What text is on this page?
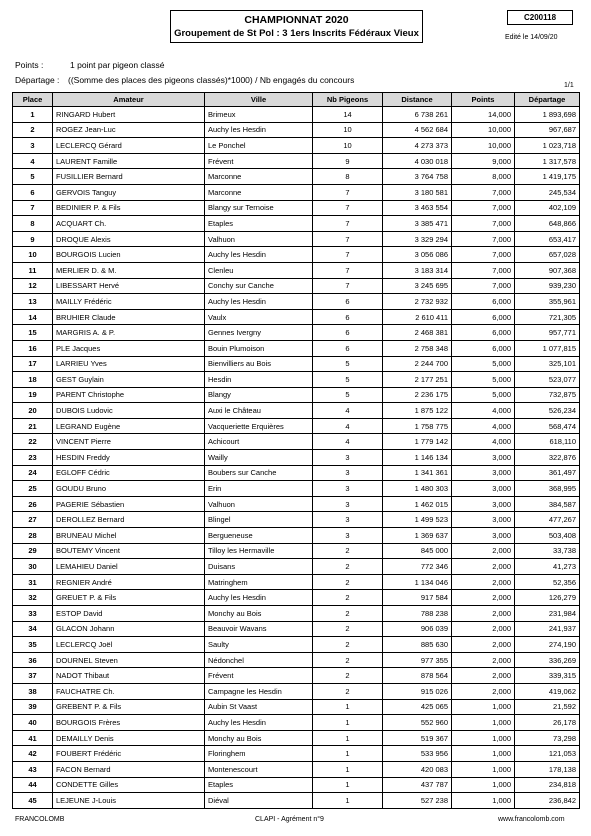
CHAMPIONNAT 2020
Groupement de St Pol : 3 1ers Inscrits Fédéraux Vieux
C200118
Edité le 14/09/20
Points :	1 point par pigeon classé
Départage : ((Somme des places des pigeons classés)*1000) / Nb engagés du concours
1/1
Place	Amateur	Ville	Nb Pigeons	Distance	Points	Départage
1	RINGARD Hubert	Brimeux	14	6 738 261	14,000	1 893,698
2	ROGEZ Jean-Luc	Auchy les Hesdin	10	4 562 684	10,000	967,687
3	LECLERCQ Gérard	Le Ponchel	10	4 273 373	10,000	1 023,718
4	LAURENT Famille	Frévent	9	4 030 018	9,000	1 317,578
5	FUSILLIER Bernard	Marconne	8	3 764 758	8,000	1 419,175
6	GERVOIS Tanguy	Marconne	7	3 180 581	7,000	245,534
7	BEDINIER P. & Fils	Blangy sur Ternoise	7	3 463 554	7,000	402,109
8	ACQUART Ch.	Etaples	7	3 385 471	7,000	648,866
9	DROQUE Alexis	Valhuon	7	3 329 294	7,000	653,417
10	BOURGOIS Lucien	Auchy les Hesdin	7	3 056 086	7,000	657,028
11	MERLIER D. & M.	Clenleu	7	3 183 314	7,000	907,368
12	LIBESSART Hervé	Conchy sur Canche	7	3 245 695	7,000	939,230
13	MAILLY Frédéric	Auchy les Hesdin	6	2 732 932	6,000	355,961
14	BRUHIER Claude	Vaulx	6	2 610 411	6,000	721,305
15	MARGRIS A. & P.	Gennes Ivergny	6	2 468 381	6,000	957,771
16	PLE Jacques	Bouin Plumoison	6	2 758 348	6,000	1 077,815
17	LARRIEU Yves	Bienvilliers au Bois	5	2 244 700	5,000	325,101
18	GEST Guylain	Hesdin	5	2 177 251	5,000	523,077
19	PARENT Christophe	Blangy	5	2 236 175	5,000	732,875
20	DUBOIS Ludovic	Auxi le Château	4	1 875 122	4,000	526,234
21	LEGRAND Eugène	Vacqueriette Erquières	4	1 758 775	4,000	568,474
22	VINCENT Pierre	Achicourt	4	1 779 142	4,000	618,110
23	HESDIN Freddy	Wailly	3	1 146 134	3,000	322,876
24	EGLOFF Cédric	Boubers sur Canche	3	1 341 361	3,000	361,497
25	GOUDU Bruno	Erin	3	1 480 303	3,000	368,995
26	PAGERIE Sébastien	Valhuon	3	1 462 015	3,000	384,587
27	DEROLLEZ Bernard	Blingel	3	1 499 523	3,000	477,267
28	BRUNEAU Michel	Bergueneuse	3	1 369 637	3,000	503,408
29	BOUTEMY Vincent	Tilloy les Hermaville	2	845 000	2,000	33,738
30	LEMAHIEU Daniel	Duisans	2	772 346	2,000	41,273
31	REGNIER André	Matringhem	2	1 134 046	2,000	52,356
32	GREUET P. & Fils	Auchy les Hesdin	2	917 584	2,000	126,279
33	ESTOP David	Monchy au Bois	2	788 238	2,000	231,984
34	GLACON Johann	Beauvoir Wavans	2	906 039	2,000	241,937
35	LECLERCQ Joël	Saulty	2	885 630	2,000	274,190
36	DOURNEL Steven	Nédonchel	2	977 355	2,000	336,269
37	NADOT Thibaut	Frévent	2	878 564	2,000	339,315
38	FAUCHATRE Ch.	Campagne les Hesdin	2	915 026	2,000	419,062
39	GREBENT P. & Fils	Aubin St Vaast	1	425 065	1,000	21,592
40	BOURGOIS Frères	Auchy les Hesdin	1	552 960	1,000	26,178
41	DEMAILLY Denis	Monchy au Bois	1	519 367	1,000	73,298
42	FOUBERT Frédéric	Floringhem	1	533 956	1,000	121,053
43	FACON Bernard	Montenescourt	1	420 083	1,000	178,138
44	CONDETTE Gilles	Etaples	1	437 787	1,000	234,818
45	LEJEUNE J-Louis	Diéval	1	527 238	1,000	236,842
FRANCOLOMB	CLAPI - Agrément n°9	www.francolomb.com
